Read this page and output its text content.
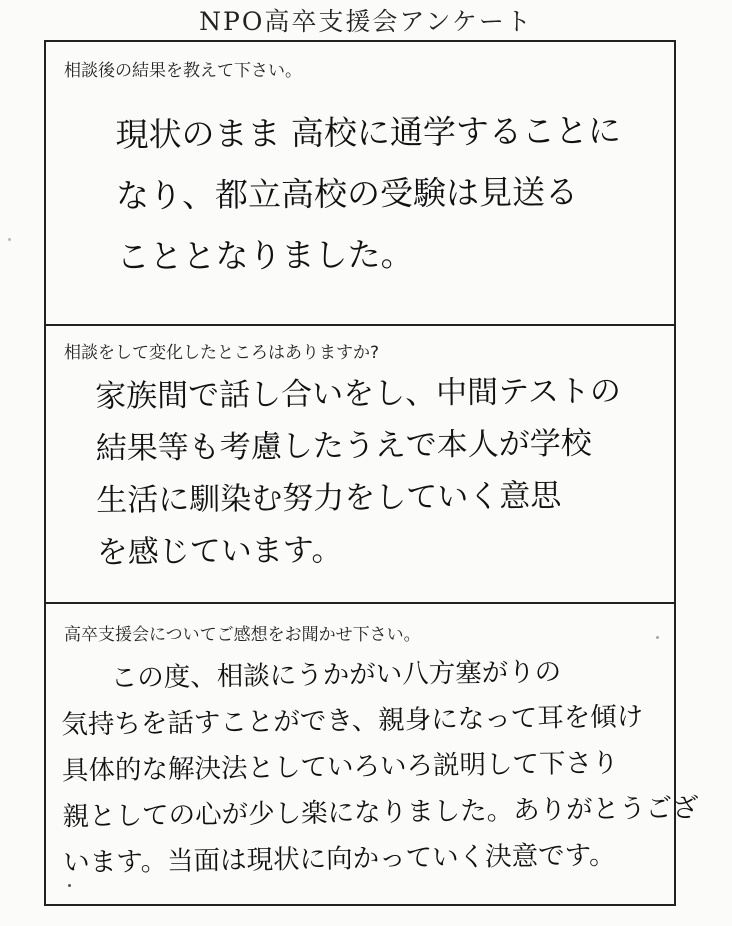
NPO高卒支援会アンケート
相談後の結果を教えて下さい。
現状のまま 高校に通学することに
なり、都立高校の受験は見送る
こととなりました。
相談をして変化したところはありますか?
家族間で話し合いをし、中間テストの
結果等も考慮したうえで本人が学校
生活に馴染む努力をしていく意思
を感じています。
高卒支援会についてご感想をお聞かせ下さい。
この度、相談にうかがい八方塞がりの
気持ちを話すことができ、親身になって耳を傾け
具体的な解決法としていろいろ説明して下さり
親としての心が少し楽になりました。ありがとうござ
います。当面は現状に向かっていく決意です。
